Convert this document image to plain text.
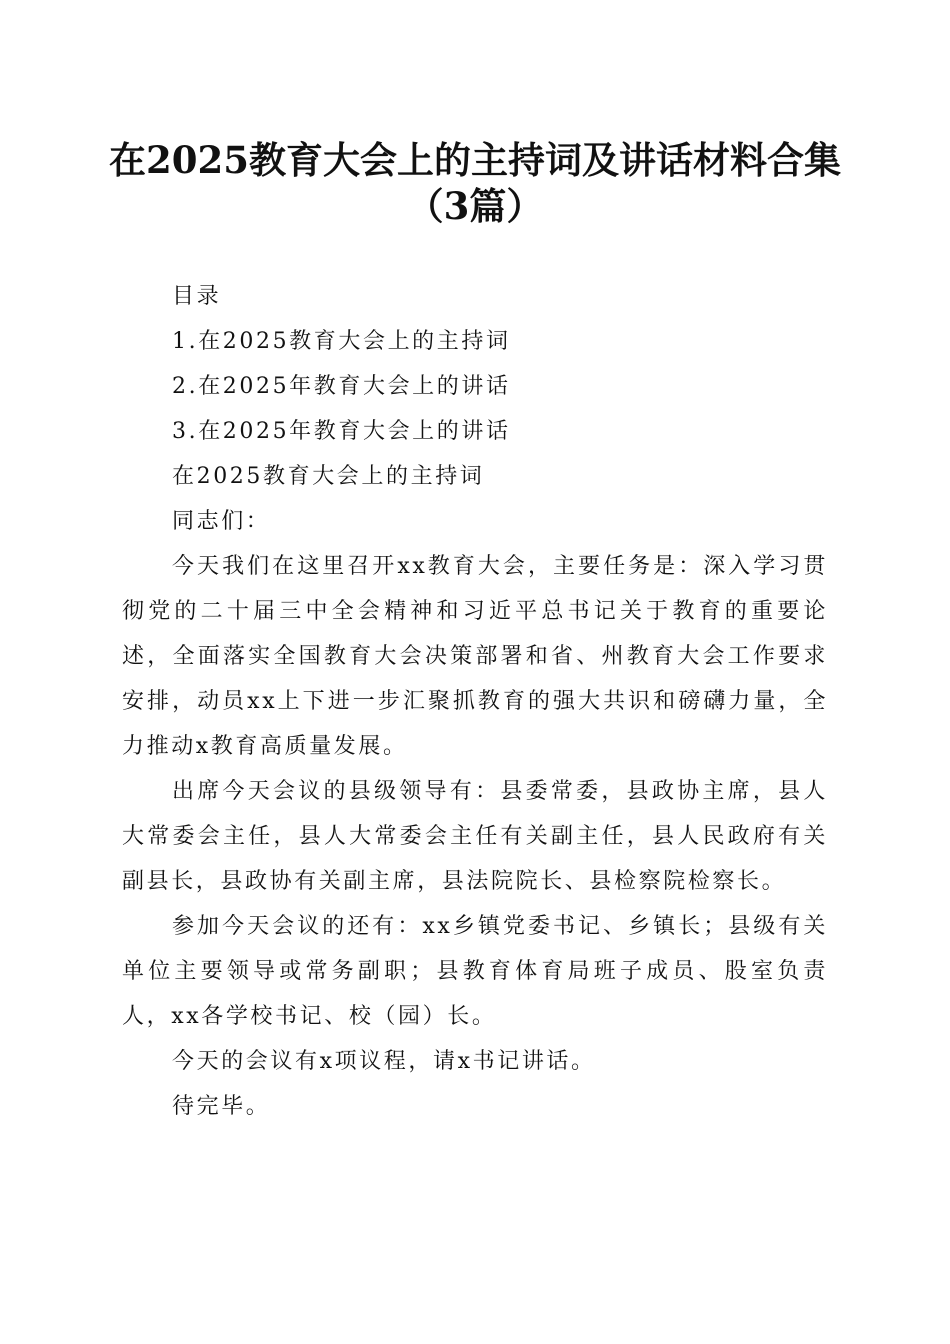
在2025教育大会上的主持词及讲话材料合集
（3篇）

目录

1.在2025教育大会上的主持词

2.在2025年教育大会上的讲话

3.在2025年教育大会上的讲话

在2025教育大会上的主持词

同志们：

今天我们在这里召开xx教育大会，主要任务是：深入学习贯彻党的二十届三中全会精神和习近平总书记关于教育的重要论述，全面落实全国教育大会决策部署和省、州教育大会工作要求安排，动员xx上下进一步汇聚抓教育的强大共识和磅礴力量，全力推动x教育高质量发展。

出席今天会议的县级领导有：县委常委，县政协主席，县人大常委会主任，县人大常委会主任有关副主任，县人民政府有关副县长，县政协有关副主席，县法院院长、县检察院检察长。

参加今天会议的还有：xx乡镇党委书记、乡镇长；县级有关单位主要领导或常务副职；县教育体育局班子成员、股室负责人，xx各学校书记、校（园）长。

今天的会议有x项议程，请x书记讲话。

待完毕。
